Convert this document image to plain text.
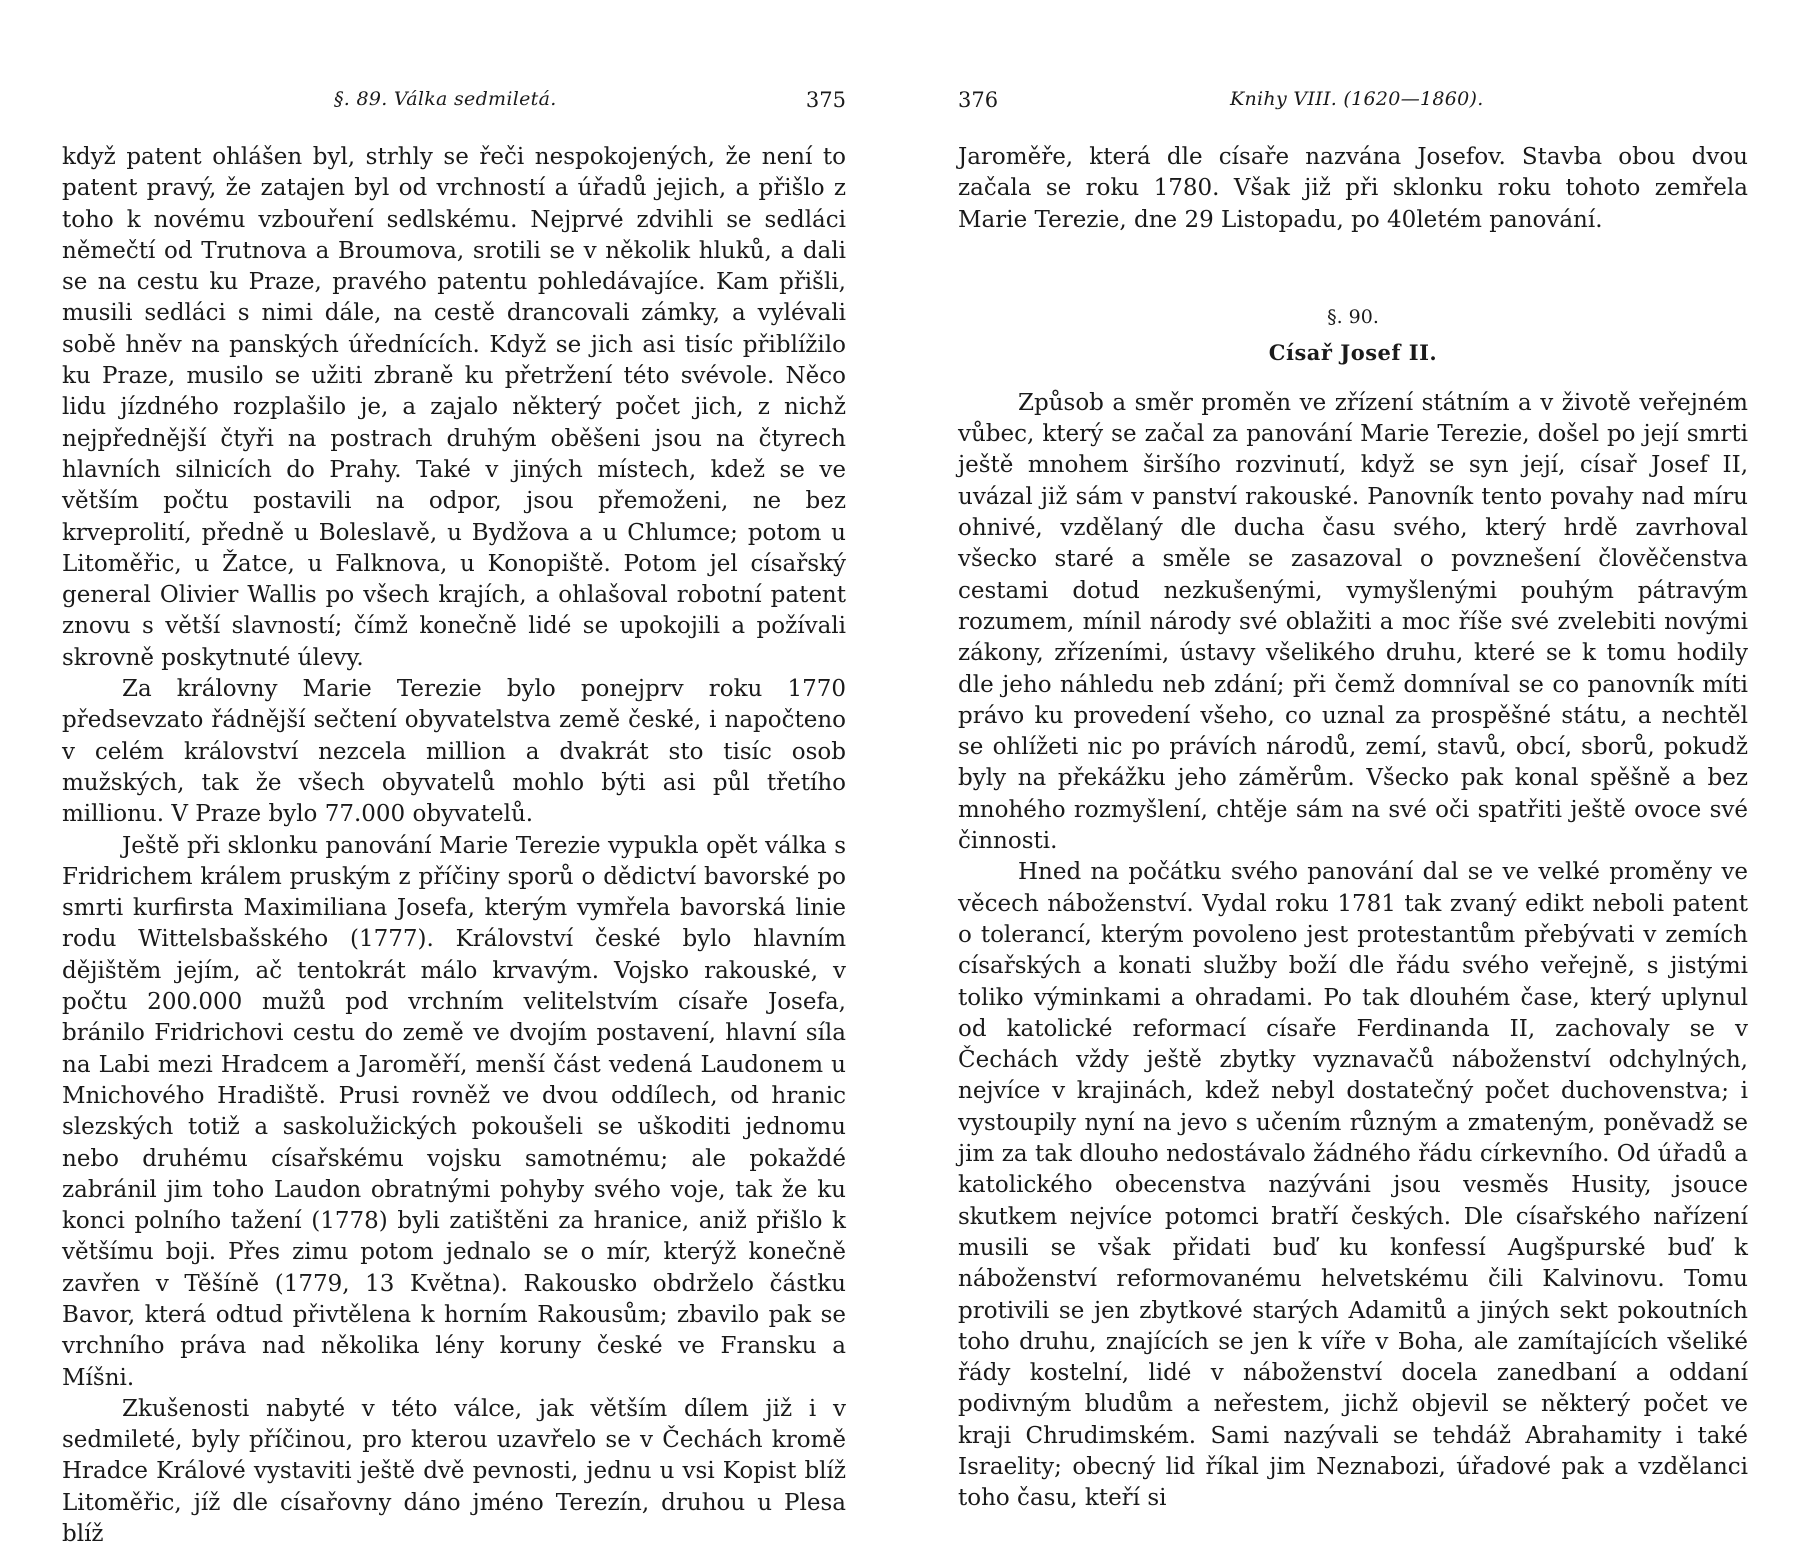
§. 89. Válka sedmiletá.	375

když patent ohlášen byl, strhly se řeči nespokojených, že není to patent pravý, že zatajen byl od vrchností a úřadů jejich, a přišlo z toho k novému vzbouření sedlskému. Nejprvé zdvihli se sedláci němečtí od Trutnova a Broumova, srotili se v několik hluků, a dali se na cestu ku Praze, pravého patentu pohledávajíce. Kam přišli, musili sedláci s nimi dále, na cestě drancovali zámky, a vylévali sobě hněv na panských úřednících. Když se jich asi tisíc přiblížilo ku Praze, musilo se užiti zbraně ku přetržení této svévole. Něco lidu jízdného rozplašilo je, a zajalo některý počet jich, z nichž nejpřednější čtyři na postrach druhým oběšeni jsou na čtyrech hlavních silnicích do Prahy. Také v jiných místech, kdež se ve větším počtu postavili na odpor, jsou přemoženi, ne bez krveprolití, předně u Boleslavě, u Bydžova a u Chlumce; potom u Litoměřic, u Žatce, u Falknova, u Konopiště. Potom jel císařský general Olivier Wallis po všech krajích, a ohlašoval robotní patent znovu s větší slavností; čímž konečně lidé se upokojili a požívali skrovně poskytnuté úlevy.

Za královny Marie Terezie bylo ponejprv roku 1770 předsevzato řádnější sečtení obyvatelstva země české, i napočteno v celém království nezcela million a dvakrát sto tisíc osob mužských, tak že všech obyvatelů mohlo býti asi půl třetího millionu. V Praze bylo 77.000 obyvatelů.

Ještě při sklonku panování Marie Terezie vypukla opět válka s Fridrichem králem pruským z příčiny sporů o dědictví bavorské po smrti kurfirsta Maximiliana Josefa, kterým vymřela bavorská linie rodu Wittelsbašského (1777). Království české bylo hlavním dějištěm jejím, ač tentokrát málo krvavým. Vojsko rakouské, v počtu 200.000 mužů pod vrchním velitelstvím císaře Josefa, bránilo Fridrichovi cestu do země ve dvojím postavení, hlavní síla na Labi mezi Hradcem a Jaroměří, menší část vedená Laudonem u Mnichového Hradiště. Prusi rovněž ve dvou oddílech, od hranic slezských totiž a saskolužických pokoušeli se uškoditi jednomu nebo druhému císařskému vojsku samotnému; ale pokaždé zabránil jim toho Laudon obratnými pohyby svého voje, tak že ku konci polního tažení (1778) byli zatištěni za hranice, aniž přišlo k většímu boji. Přes zimu potom jednalo se o mír, kterýž konečně zavřen v Těšíně (1779, 13 Května). Rakousko obdrželo částku Bavor, která odtud přivtělena k horním Rakousům; zbavilo pak se vrchního práva nad několika lény koruny české ve Fransku a Míšni.

Zkušenosti nabyté v této válce, jak větším dílem již i v sedmileté, byly příčinou, pro kterou uzavřelo se v Čechách kromě Hradce Králové vystaviti ještě dvě pevnosti, jednu u vsi Kopist blíž Litoměřic, jíž dle císařovny dáno jméno Terezín, druhou u Plesa blíž

376	Knihy VIII. (1620—1860).

Jaroměře, která dle císaře nazvána Josefov. Stavba obou dvou začala se roku 1780. Však již při sklonku roku tohoto zemřela Marie Terezie, dne 29 Listopadu, po 40letém panování.

§. 90.
Císař Josef II.

Způsob a směr proměn ve zřízení státním a v životě veřejném vůbec, který se začal za panování Marie Terezie, došel po její smrti ještě mnohem širšího rozvinutí, když se syn její, císař Josef II, uvázal již sám v panství rakouské. Panovník tento povahy nad míru ohnivé, vzdělaný dle ducha času svého, který hrdě zavrhoval všecko staré a směle se zasazoval o povznešení člověčenstva cestami dotud nezkušenými, vymyšlenými pouhým pátravým rozumem, mínil národy své oblažiti a moc říše své zvelebiti novými zákony, zřízeními, ústavy všelikého druhu, které se k tomu hodily dle jeho náhledu neb zdání; při čemž domníval se co panovník míti právo ku provedení všeho, co uznal za prospěšné státu, a nechtěl se ohlížeti nic po právích národů, zemí, stavů, obcí, sborů, pokudž byly na překážku jeho záměrům. Všecko pak konal spěšně a bez mnohého rozmyšlení, chtěje sám na své oči spatřiti ještě ovoce své činnosti.

Hned na počátku svého panování dal se ve velké proměny ve věcech náboženství. Vydal roku 1781 tak zvaný edikt neboli patent o tolerancí, kterým povoleno jest protestantům přebývati v zemích císařských a konati služby boží dle řádu svého veřejně, s jistými toliko výminkami a ohradami. Po tak dlouhém čase, který uplynul od katolické reformací císaře Ferdinanda II, zachovaly se v Čechách vždy ještě zbytky vyznavačů náboženství odchylných, nejvíce v krajinách, kdež nebyl dostatečný počet duchovenstva; i vystoupily nyní na jevo s učením různým a zmateným, poněvadž se jim za tak dlouho nedostávalo žádného řádu církevního. Od úřadů a katolického obecenstva nazýváni jsou vesměs Husity, jsouce skutkem nejvíce potomci bratří českých. Dle císařského nařízení musili se však přidati buď ku konfessí Augšpurské buď k náboženství reformovanému helvetskému čili Kalvinovu. Tomu protivili se jen zbytkové starých Adamitů a jiných sekt pokoutních toho druhu, znajících se jen k víře v Boha, ale zamítajících všeliké řády kostelní, lidé v náboženství docela zanedbaní a oddaní podivným bludům a neřestem, jichž objevil se některý počet ve kraji Chrudimském. Sami nazývali se tehdáž Abrahamity i také Israelity; obecný lid říkal jim Neznabozi, úřadové pak a vzdělanci toho času, kteří si
